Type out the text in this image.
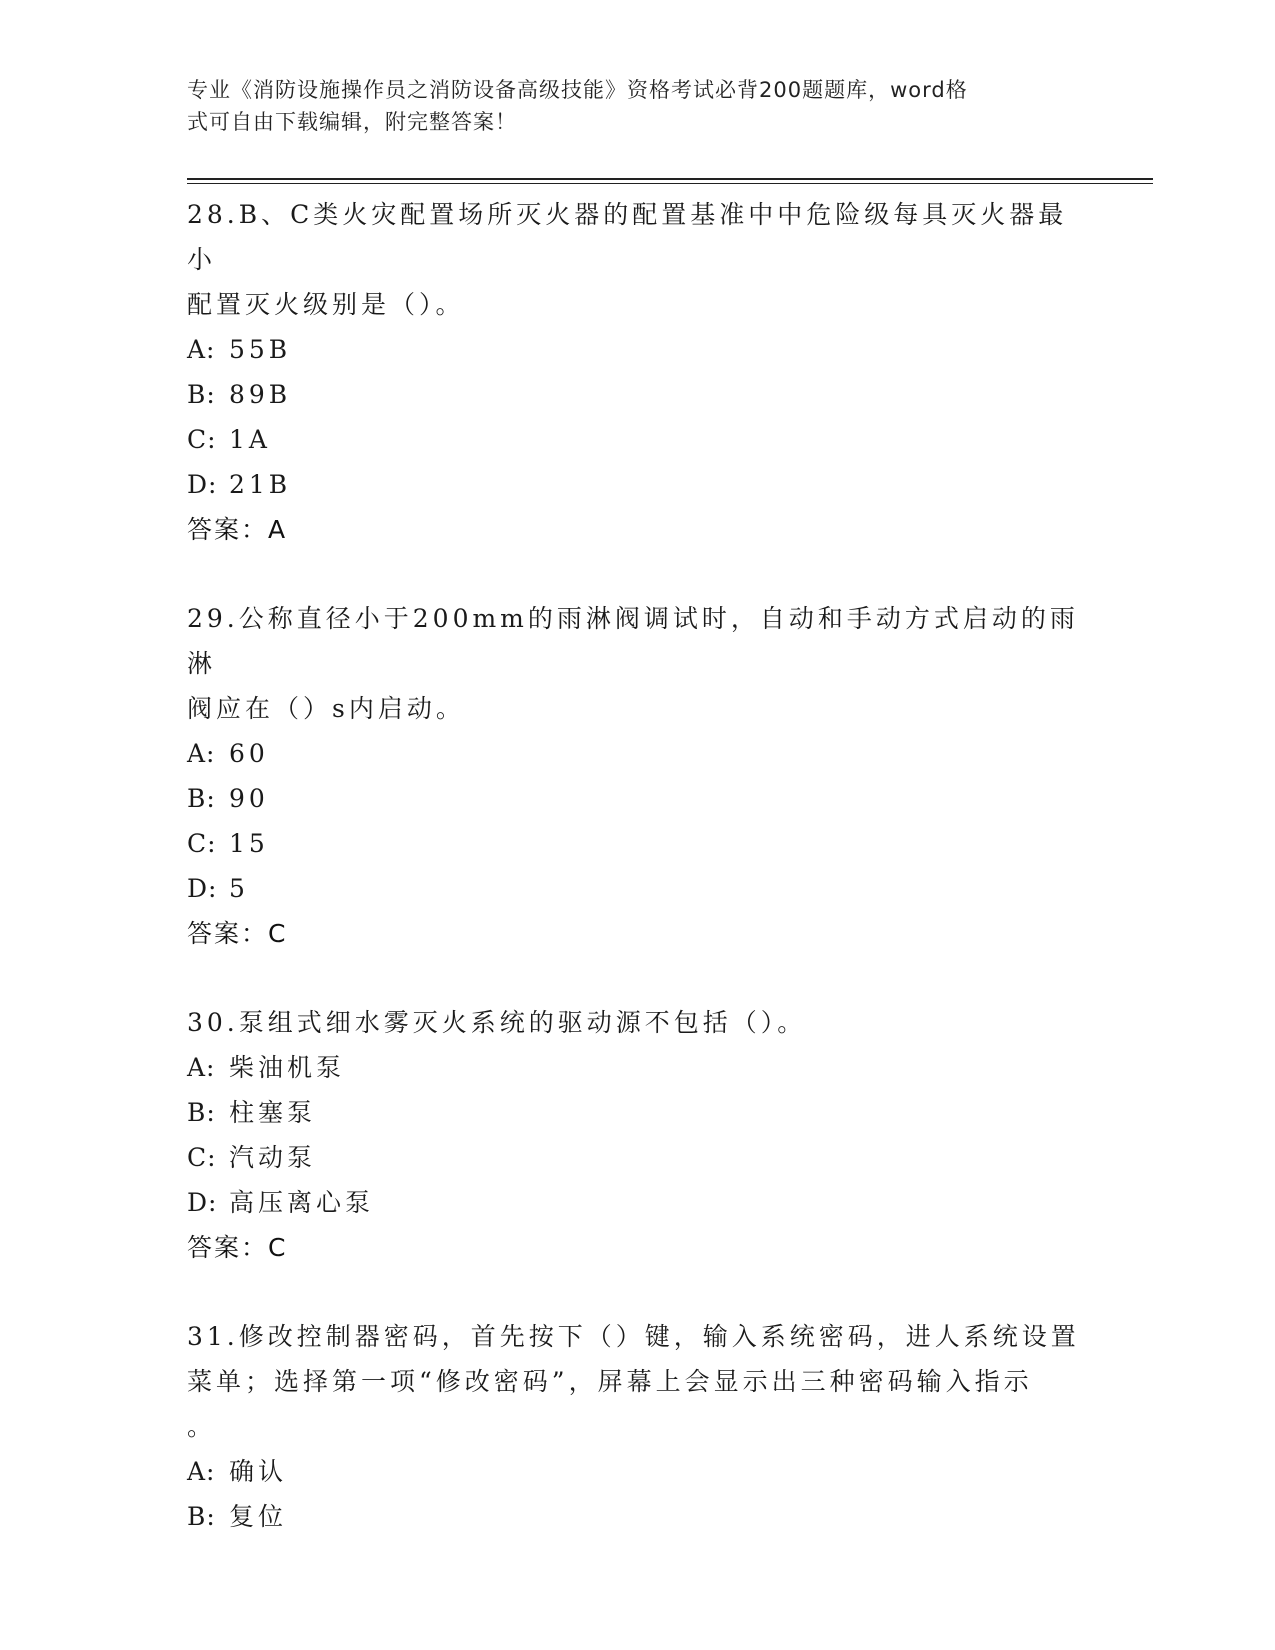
专业《消防设施操作员之消防设备高级技能》资格考试必背200题题库，word格
式可自由下载编辑，附完整答案！
28.B、C类火灾配置场所灭火器的配置基准中中危险级每具灭火器最小
配置灭火级别是（）。
A: 55B
B: 89B
C: 1A
D: 21B
答案：A
29.公称直径小于200mm的雨淋阀调试时，自动和手动方式启动的雨淋
阀应在（）s内启动。
A: 60
B: 90
C: 15
D: 5
答案：C
30.泵组式细水雾灭火系统的驱动源不包括（）。
A: 柴油机泵
B: 柱塞泵
C: 汽动泵
D: 高压离心泵
答案：C
31.修改控制器密码，首先按下（）键，输入系统密码，进人系统设置
菜单；选择第一项“修改密码”，屏幕上会显示出三种密码输入指示
。
A: 确认
B: 复位
